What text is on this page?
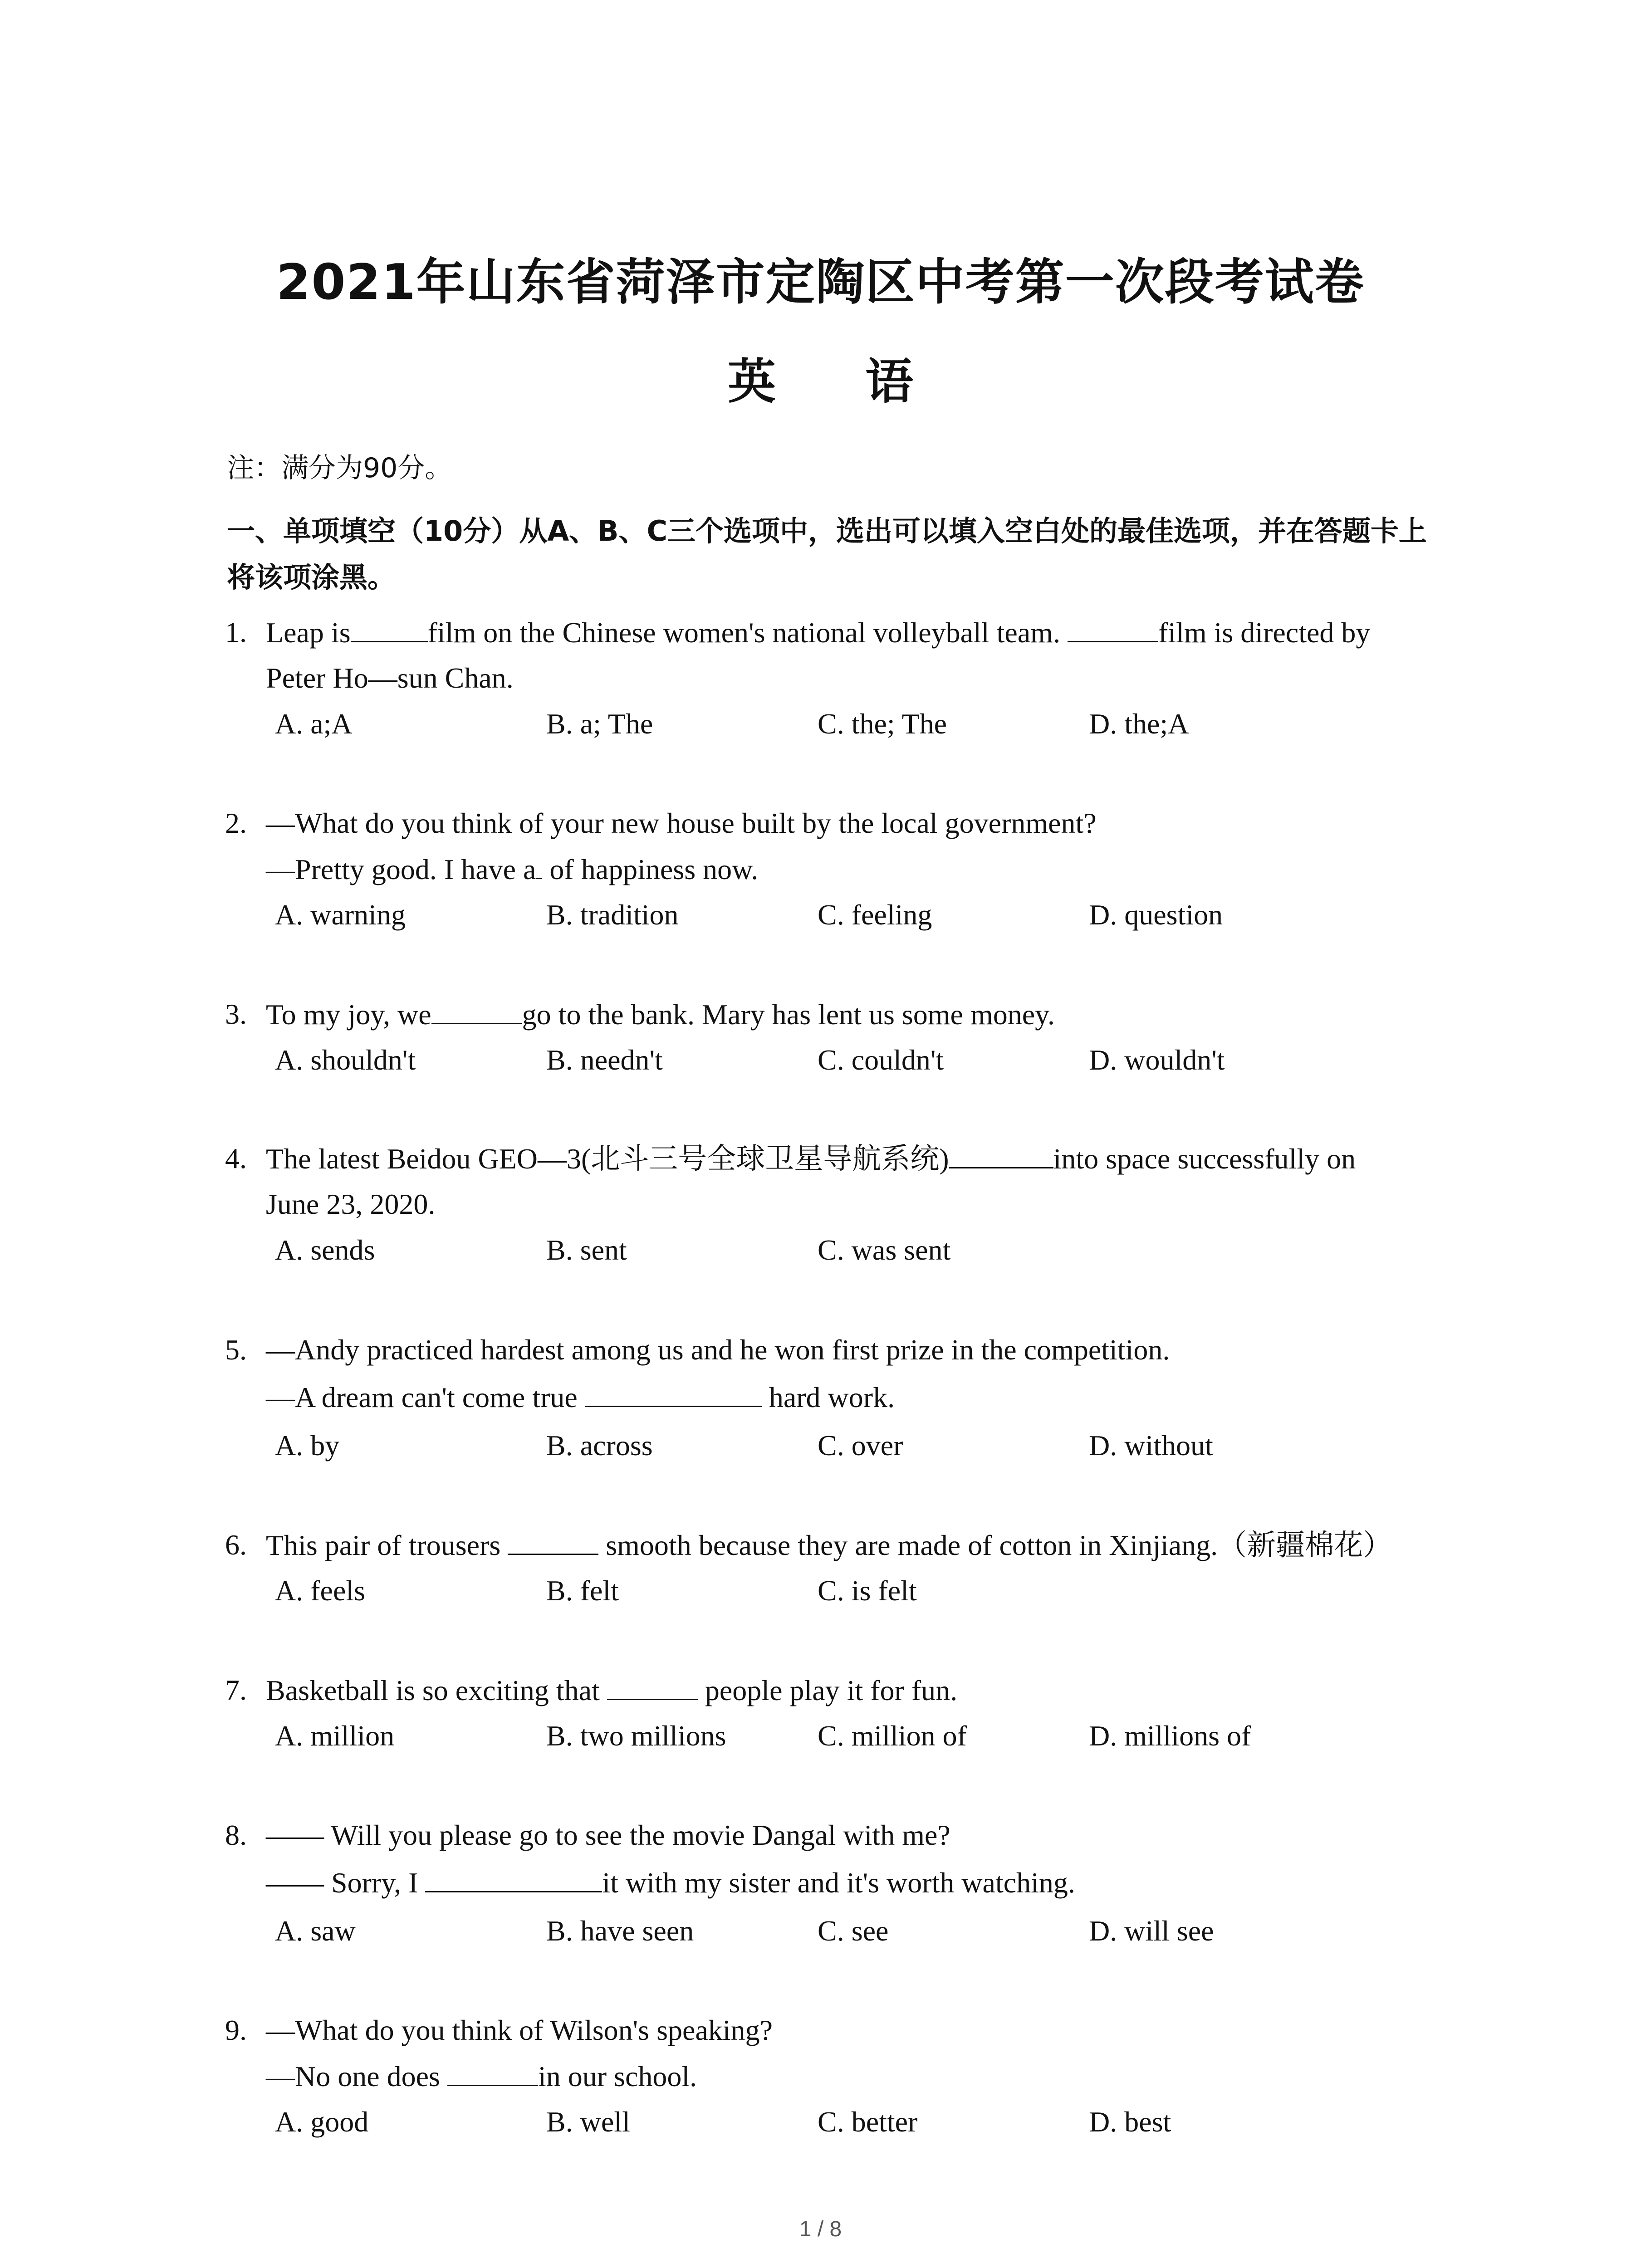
2021年山东省菏泽市定陶区中考第一次段考试卷
英 语
注：满分为90分。
一、单项填空（10分）从A、B、C三个选项中，选出可以填入空白处的最佳选项，并在答题卡上将该项涂黑。
1. Leap is	film on the Chinese women's national volleyball team.	film is directed by
Peter Ho—sun Chan.
A. a;A	B. a; The	C. the; The	D. the;A
2. —What do you think of your new house built by the local government?
—Pretty good. I have a of happiness now.
A. warning	B. tradition	C. feeling	D. question
3. To my joy, we	go to the bank. Mary has lent us some money.
A. shouldn't	B. needn't	C. couldn't	D. wouldn't
4. The latest Beidou GEO—3(北斗三号全球卫星导航系统)	into space successfully on
June 23, 2020.
A. sends	B. sent	C. was sent
5. —Andy practiced hardest among us and he won first prize in the competition.
—A dream can't come true	hard work.
A. by	B. across	C. over	D. without
6. This pair of trousers	smooth because they are made of cotton in Xinjiang.（新疆棉花）
A. feels	B. felt	C. is felt
7. Basketball is so exciting that	people play it for fun.
A. million	B. two millions	C. million of	D. millions of
8. —— Will you please go to see the movie Dangal with me?
—— Sorry, I	it with my sister and it's worth watching.
A. saw	B. have seen	C. see	D. will see
9. —What do you think of Wilson's speaking?
—No one does	in our school.
A. good	B. well	C. better	D. best
1 / 8
